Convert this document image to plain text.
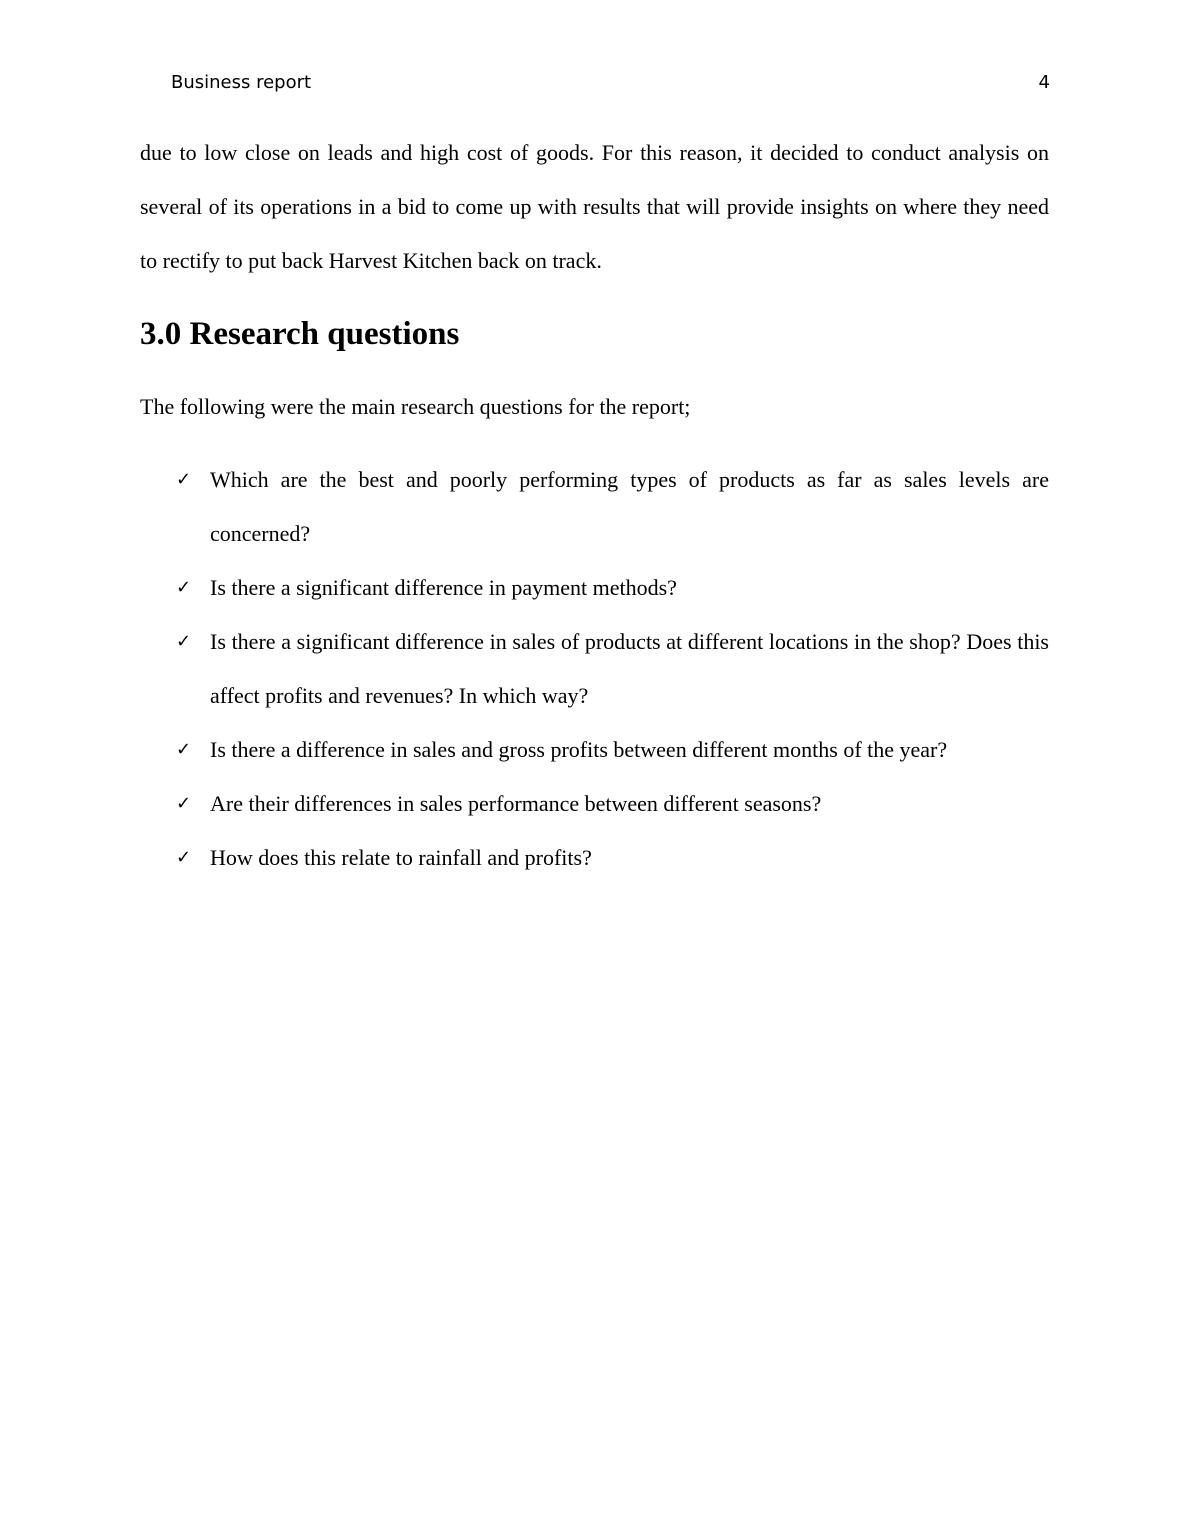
Business report	4

due to low close on leads and high cost of goods. For this reason, it decided to conduct analysis on several of its operations in a bid to come up with results that will provide insights on where they need to rectify to put back Harvest Kitchen back on track.

3.0 Research questions

The following were the main research questions for the report;

✓ Which are the best and poorly performing types of products as far as sales levels are concerned?
✓ Is there a significant difference in payment methods?
✓ Is there a significant difference in sales of products at different locations in the shop? Does this affect profits and revenues? In which way?
✓ Is there a difference in sales and gross profits between different months of the year?
✓ Are their differences in sales performance between different seasons?
✓ How does this relate to rainfall and profits?
